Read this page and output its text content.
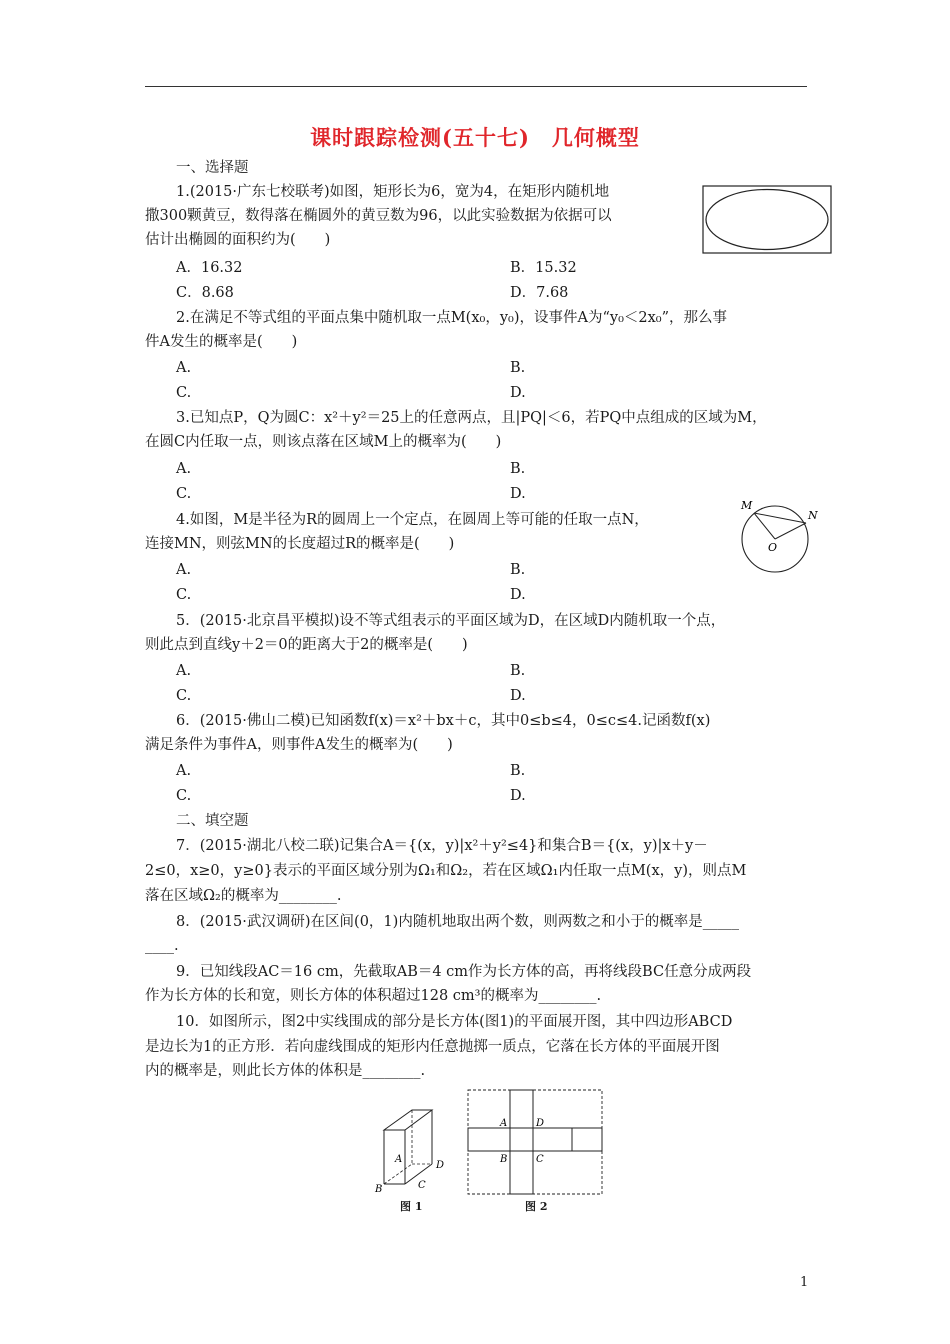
课时跟踪检测(五十七)　几何概型
一、选择题
1.(2015·广东七校联考)如图，矩形长为6，宽为4，在矩形内随机地
撒300颗黄豆，数得落在椭圆外的黄豆数为96，以此实验数据为依据可以
估计出椭圆的面积约为(　　)
A．16.32	B．15.32
C．8.68	D．7.68
2.在满足不等式组的平面点集中随机取一点M(x₀，y₀)，设事件A为“y₀＜2x₀”，那么事
件A发生的概率是(　　)
A.	B.
C.	D.
3.已知点P，Q为圆C：x²＋y²＝25上的任意两点，且|PQ|＜6，若PQ中点组成的区域为M，
在圆C内任取一点，则该点落在区域M上的概率为(　　)
A.	B.
C.	D.
4.如图，M是半径为R的圆周上一个定点，在圆周上等可能的任取一点N，
连接MN，则弦MN的长度超过R的概率是(　　)
A.	B.
C.	D.
M
N
O
5．(2015·北京昌平模拟)设不等式组表示的平面区域为D，在区域D内随机取一个点，
则此点到直线y＋2＝0的距离大于2的概率是(　　)
A.	B.
C.	D.
6．(2015·佛山二模)已知函数f(x)＝x²＋bx＋c，其中0≤b≤4，0≤c≤4.记函数f(x)
满足条件为事件A，则事件A发生的概率为(　　)
A.	B.
C.	D.
二、填空题
7．(2015·湖北八校二联)记集合A＝{(x，y)|x²＋y²≤4}和集合B＝{(x，y)|x＋y－
2≤0，x≥0，y≥0}表示的平面区域分别为Ω₁和Ω₂，若在区域Ω₁内任取一点M(x，y)，则点M
落在区域Ω₂的概率为________.
8．(2015·武汉调研)在区间(0，1)内随机地取出两个数，则两数之和小于的概率是_____
____.
9．已知线段AC＝16 cm，先截取AB＝4 cm作为长方体的高，再将线段BC任意分成两段
作为长方体的长和宽，则长方体的体积超过128 cm³的概率为________.
10．如图所示，图2中实线围成的部分是长方体(图1)的平面展开图，其中四边形ABCD
是边长为1的正方形．若向虚线围成的矩形内任意抛掷一质点，它落在长方体的平面展开图
内的概率是，则此长方体的体积是________.
A
B	C
D
图 1
A	D
B	C
图 2
1
